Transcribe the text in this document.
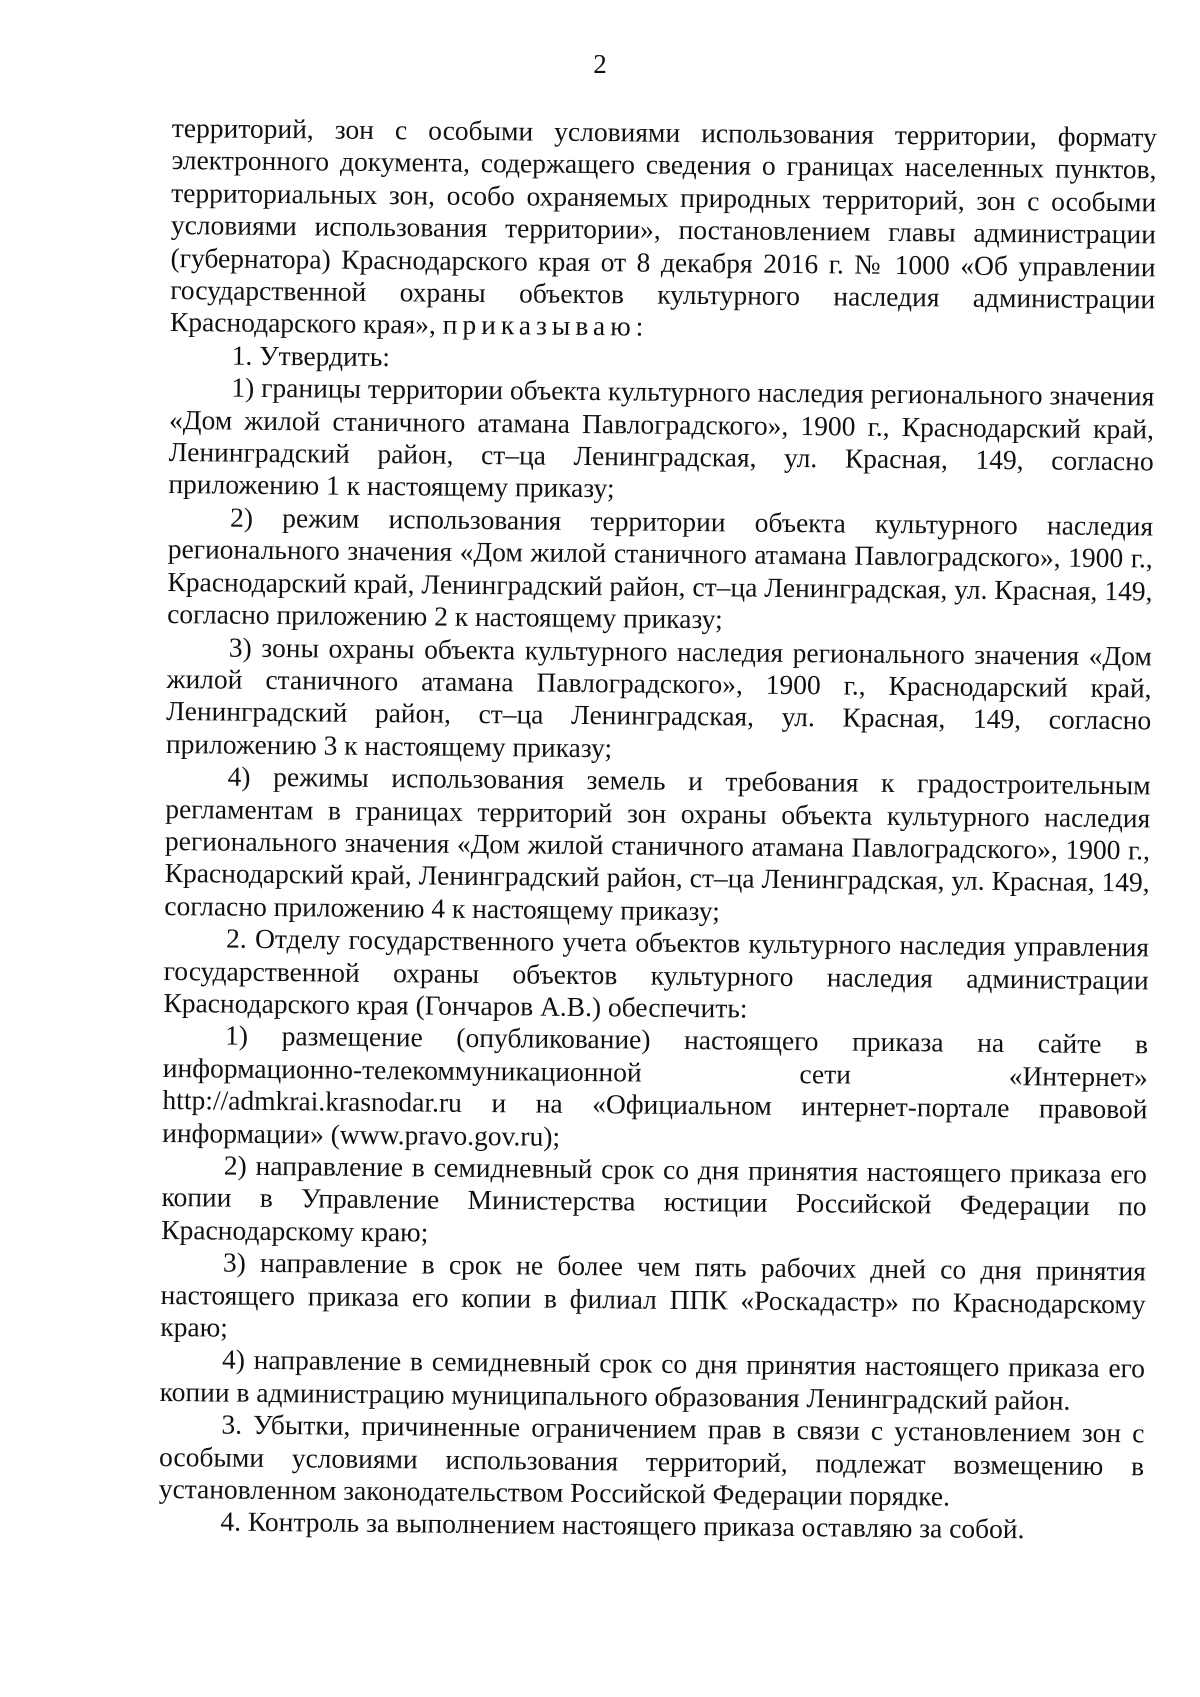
2

территорий, зон с особыми условиями использования территории, формату электронного документа, содержащего сведения о границах населенных пунктов, территориальных зон, особо охраняемых природных территорий, зон с особыми условиями использования территории», постановлением главы администрации (губернатора) Краснодарского края от 8 декабря 2016 г. № 1000 «Об управлении государственной охраны объектов культурного наследия администрации Краснодарского края», приказываю:

1. Утвердить:

1) границы территории объекта культурного наследия регионального значения «Дом жилой станичного атамана Павлоградского», 1900 г., Краснодарский край, Ленинградский район, ст–ца Ленинградская, ул. Красная, 149, согласно приложению 1 к настоящему приказу;

2) режим использования территории объекта культурного наследия регионального значения «Дом жилой станичного атамана Павлоградского», 1900 г., Краснодарский край, Ленинградский район, ст–ца Ленинградская, ул. Красная, 149, согласно приложению 2 к настоящему приказу;

3) зоны охраны объекта культурного наследия регионального значения «Дом жилой станичного атамана Павлоградского», 1900 г., Краснодарский край, Ленинградский район, ст–ца Ленинградская, ул. Красная, 149, согласно приложению 3 к настоящему приказу;

4) режимы использования земель и требования к градостроительным регламентам в границах территорий зон охраны объекта культурного наследия регионального значения «Дом жилой станичного атамана Павлоградского», 1900 г., Краснодарский край, Ленинградский район, ст–ца Ленинградская, ул. Красная, 149, согласно приложению 4 к настоящему приказу;

2. Отделу государственного учета объектов культурного наследия управления государственной охраны объектов культурного наследия администрации Краснодарского края (Гончаров А.В.) обеспечить:

1) размещение (опубликование) настоящего приказа на сайте в информационно-телекоммуникационной сети «Интернет» http://admkrai.krasnodar.ru и на «Официальном интернет-портале правовой информации» (www.pravo.gov.ru);

2) направление в семидневный срок со дня принятия настоящего приказа его копии в Управление Министерства юстиции Российской Федерации по Краснодарскому краю;

3) направление в срок не более чем пять рабочих дней со дня принятия настоящего приказа его копии в филиал ППК «Роскадастр» по Краснодарскому краю;

4) направление в семидневный срок со дня принятия настоящего приказа его копии в администрацию муниципального образования Ленинградский район.

3. Убытки, причиненные ограничением прав в связи с установлением зон с особыми условиями использования территорий, подлежат возмещению в установленном законодательством Российской Федерации порядке.

4. Контроль за выполнением настоящего приказа оставляю за собой.
